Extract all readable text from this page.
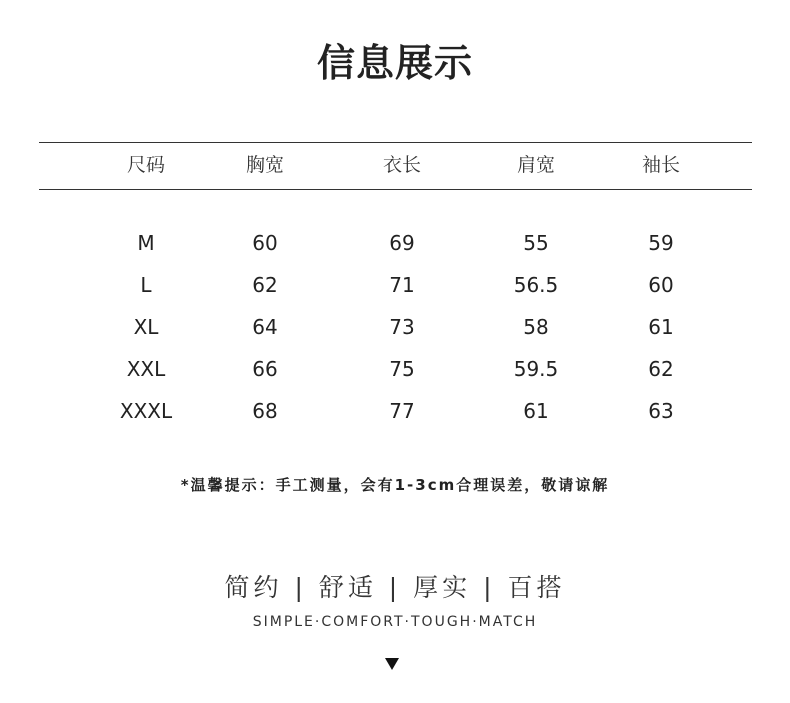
信息展示
尺码	胸宽	衣长	肩宽	袖长
M	60	69	55	59
L	62	71	56.5	60
XL	64	73	58	61
XXL	66	75	59.5	62
XXXL	68	77	61	63
*温馨提示：手工测量，会有1-3cm合理误差，敬请谅解
简约 | 舒适 | 厚实 | 百搭
SIMPLE·COMFORT·TOUGH·MATCH
